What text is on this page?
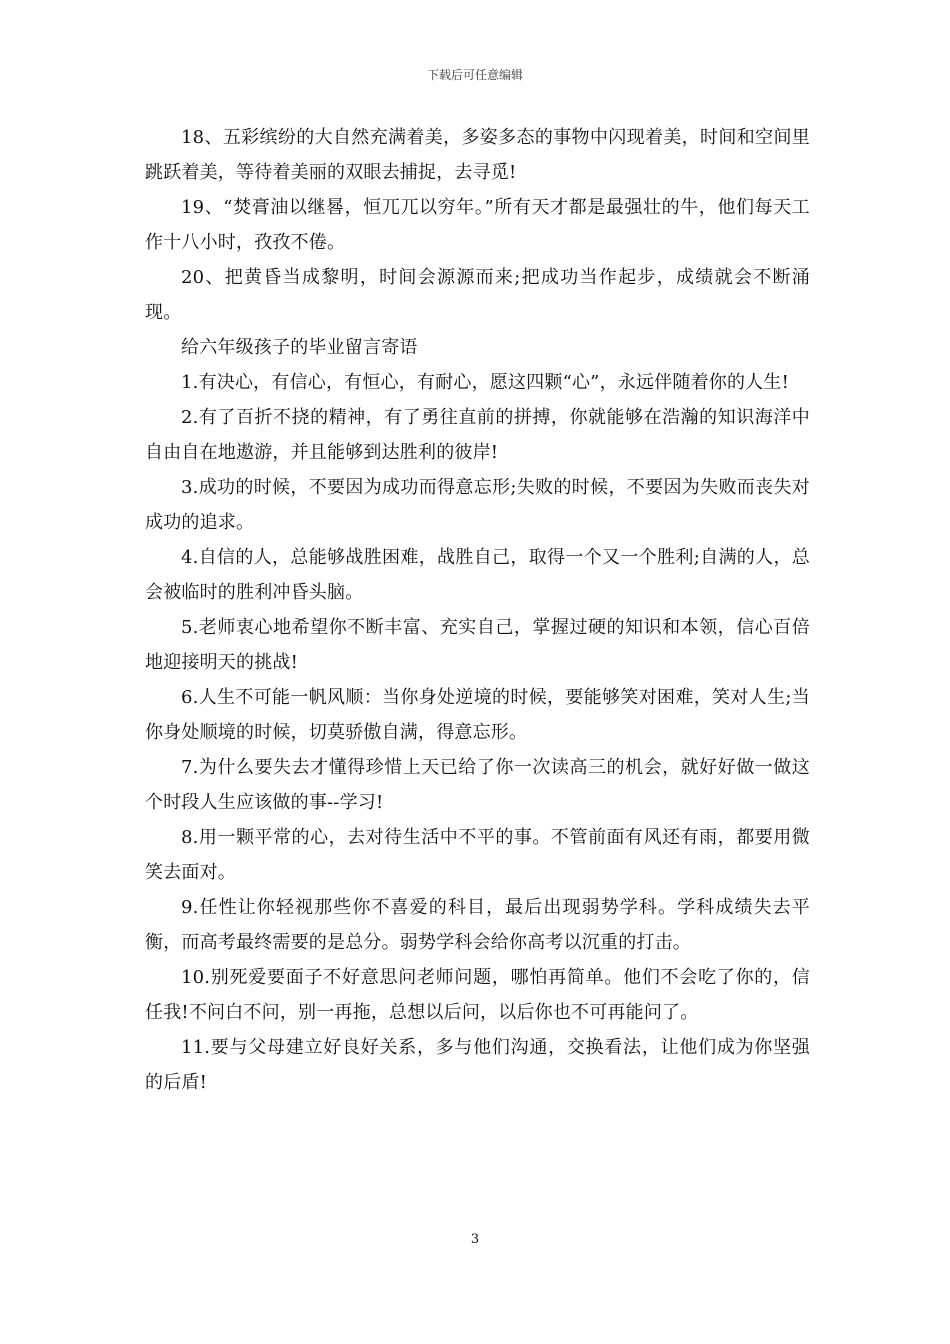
下载后可任意编辑

18、五彩缤纷的大自然充满着美，多姿多态的事物中闪现着美，时间和空间里跳跃着美，等待着美丽的双眼去捕捉，去寻觅!

19、“焚膏油以继晷，恒兀兀以穷年。”所有天才都是最强壮的牛，他们每天工作十八小时，孜孜不倦。

20、把黄昏当成黎明，时间会源源而来;把成功当作起步，成绩就会不断涌现。

给六年级孩子的毕业留言寄语

1.有决心，有信心，有恒心，有耐心，愿这四颗“心”，永远伴随着你的人生!

2.有了百折不挠的精神，有了勇往直前的拼搏，你就能够在浩瀚的知识海洋中自由自在地遨游，并且能够到达胜利的彼岸!

3.成功的时候，不要因为成功而得意忘形;失败的时候，不要因为失败而丧失对成功的追求。

4.自信的人，总能够战胜困难，战胜自己，取得一个又一个胜利;自满的人，总会被临时的胜利冲昏头脑。

5.老师衷心地希望你不断丰富、充实自己，掌握过硬的知识和本领，信心百倍地迎接明天的挑战!

6.人生不可能一帆风顺：当你身处逆境的时候，要能够笑对困难，笑对人生;当你身处顺境的时候，切莫骄傲自满，得意忘形。

7.为什么要失去才懂得珍惜上天已给了你一次读高三的机会，就好好做一做这个时段人生应该做的事--学习!

8.用一颗平常的心，去对待生活中不平的事。不管前面有风还有雨，都要用微笑去面对。

9.任性让你轻视那些你不喜爱的科目，最后出现弱势学科。学科成绩失去平衡，而高考最终需要的是总分。弱势学科会给你高考以沉重的打击。

10.别死爱要面子不好意思问老师问题，哪怕再简单。他们不会吃了你的，信任我!不问白不问，别一再拖，总想以后问，以后你也不可再能问了。

11.要与父母建立好良好关系，多与他们沟通，交换看法，让他们成为你坚强的后盾!

3
